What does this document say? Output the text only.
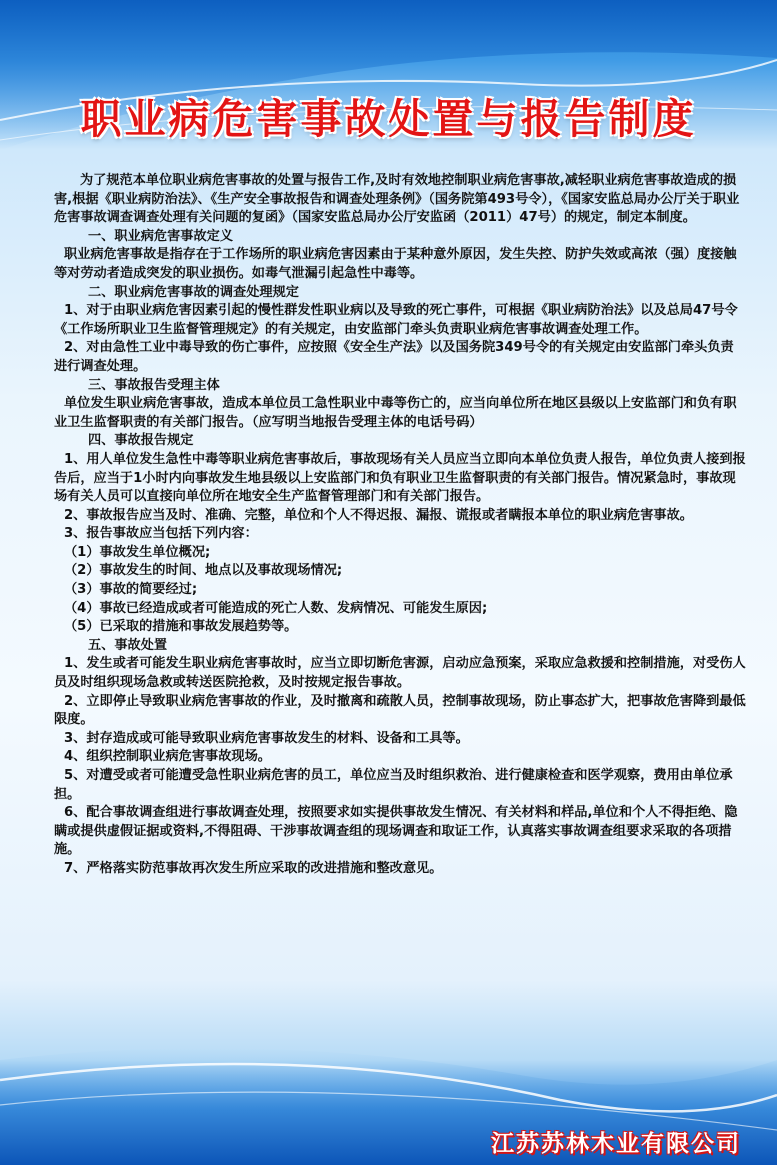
职业病危害事故处置与报告制度

为了规范本单位职业病危害事故的处置与报告工作,及时有效地控制职业病危害事故,减轻职业病危害事故造成的损害,根据《职业病防治法》、《生产安全事故报告和调查处理条例》（国务院第493号令），《国家安监总局办公厅关于职业危害事故调查调查处理有关问题的复函》（国家安监总局办公厅安监函（2011）47号）的规定，制定本制度。

一、职业病危害事故定义

职业病危害事故是指存在于工作场所的职业病危害因素由于某种意外原因，发生失控、防护失效或高浓（强）度接触等对劳动者造成突发的职业损伤。如毒气泄漏引起急性中毒等。

二、职业病危害事故的调查处理规定

1、对于由职业病危害因素引起的慢性群发性职业病以及导致的死亡事件，可根据《职业病防治法》以及总局47号令《工作场所职业卫生监督管理规定》的有关规定，由安监部门牵头负责职业病危害事故调查处理工作。

2、对由急性工业中毒导致的伤亡事件，应按照《安全生产法》以及国务院349号令的有关规定由安监部门牵头负责进行调查处理。

三、事故报告受理主体

单位发生职业病危害事故，造成本单位员工急性职业中毒等伤亡的，应当向单位所在地区县级以上安监部门和负有职业卫生监督职责的有关部门报告。（应写明当地报告受理主体的电话号码）

四、事故报告规定

1、用人单位发生急性中毒等职业病危害事故后，事故现场有关人员应当立即向本单位负责人报告，单位负责人接到报告后，应当于1小时内向事故发生地县级以上安监部门和负有职业卫生监督职责的有关部门报告。情况紧急时，事故现场有关人员可以直接向单位所在地安全生产监督管理部门和有关部门报告。

2、事故报告应当及时、准确、完整，单位和个人不得迟报、漏报、谎报或者瞒报本单位的职业病危害事故。

3、报告事故应当包括下列内容：

（1）事故发生单位概况;

（2）事故发生的时间、地点以及事故现场情况;

（3）事故的简要经过;

（4）事故已经造成或者可能造成的死亡人数、发病情况、可能发生原因;

（5）已采取的措施和事故发展趋势等。

五、事故处置

1、发生或者可能发生职业病危害事故时，应当立即切断危害源，启动应急预案，采取应急救援和控制措施，对受伤人员及时组织现场急救或转送医院抢救，及时按规定报告事故。

2、立即停止导致职业病危害事故的作业，及时撤离和疏散人员，控制事故现场，防止事态扩大，把事故危害降到最低限度。

3、封存造成或可能导致职业病危害事故发生的材料、设备和工具等。

4、组织控制职业病危害事故现场。

5、对遭受或者可能遭受急性职业病危害的员工，单位应当及时组织救治、进行健康检查和医学观察，费用由单位承担。

6、配合事故调查组进行事故调查处理，按照要求如实提供事故发生情况、有关材料和样品,单位和个人不得拒绝、隐瞒或提供虚假证据或资料,不得阻碍、干涉事故调查组的现场调查和取证工作，认真落实事故调查组要求采取的各项措施。

7、严格落实防范事故再次发生所应采取的改进措施和整改意见。

江苏苏林木业有限公司
